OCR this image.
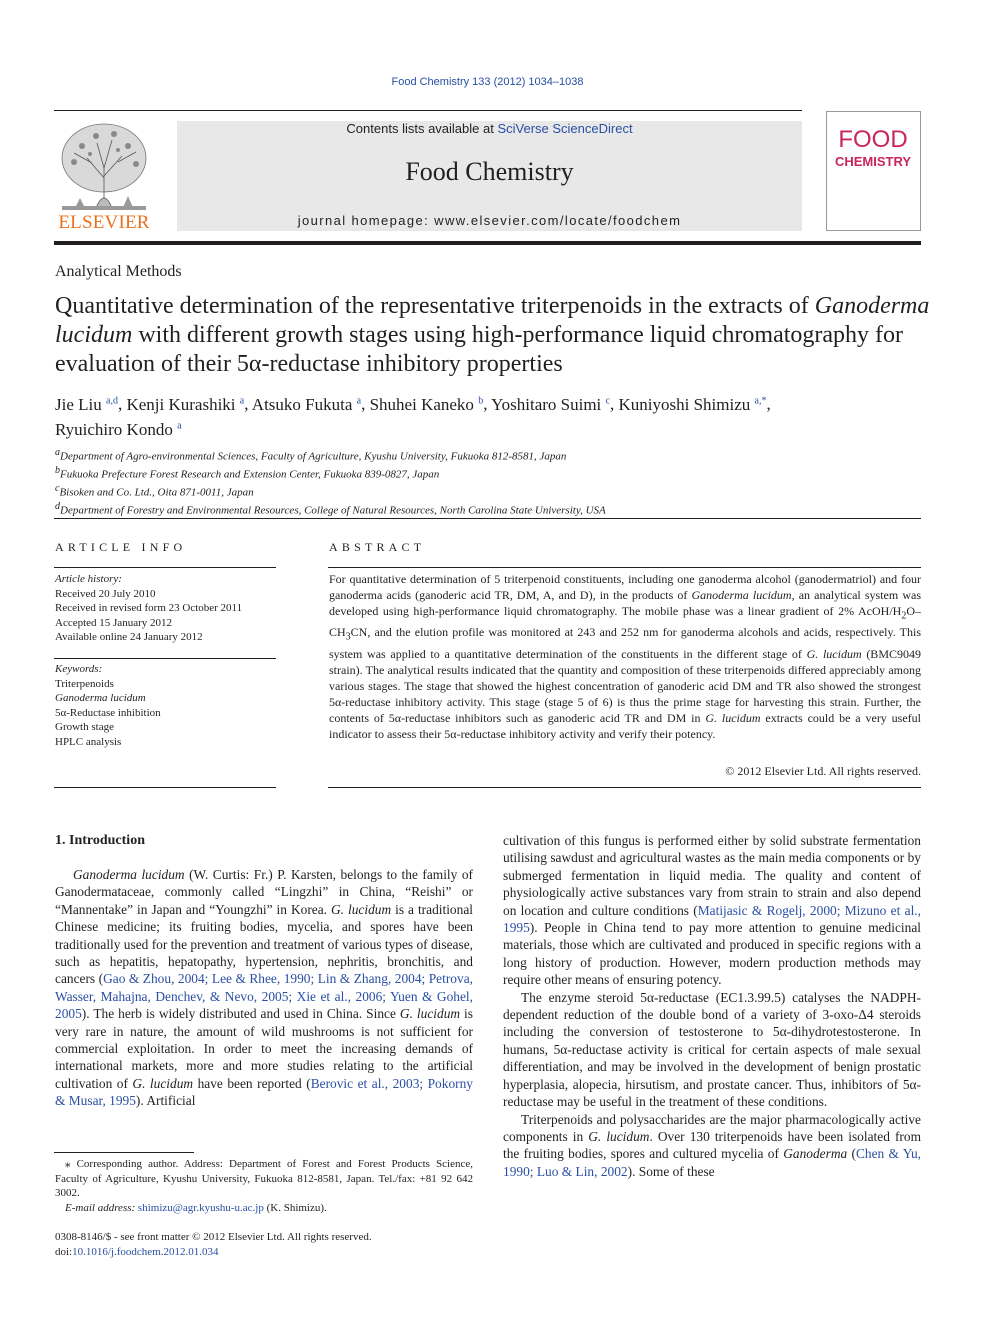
Food Chemistry 133 (2012) 1034–1038
ELSEVIER
Contents lists available at SciVerse ScienceDirect
Food Chemistry
journal homepage: www.elsevier.com/locate/foodchem
FOOD
CHEMISTRY
Analytical Methods
Quantitative determination of the representative triterpenoids in the extracts of Ganoderma lucidum with different growth stages using high-performance liquid chromatography for evaluation of their 5α-reductase inhibitory properties
Jie Liu $^{a,d}$, Kenji Kurashiki $^a$, Atsuko Fukuta $^a$, Shuhei Kaneko $^b$, Yoshitaro Suimi $^c$, Kuniyoshi Shimizu $^{a,*}$,
Ryuichiro Kondo $^a$
$^a$Department of Agro-environmental Sciences, Faculty of Agriculture, Kyushu University, Fukuoka 812-8581, Japan
$^b$Fukuoka Prefecture Forest Research and Extension Center, Fukuoka 839-0827, Japan
$^c$Bisoken and Co. Ltd., Oita 871-0011, Japan
$^d$Department of Forestry and Environmental Resources, College of Natural Resources, North Carolina State University, USA
ARTICLE INFO	ABSTRACT
Article history:
Received 20 July 2010
Received in revised form 23 October 2011
Accepted 15 January 2012
Available online 24 January 2012
Keywords:
Triterpenoids
Ganoderma lucidum
5α-Reductase inhibition
Growth stage
HPLC analysis
For quantitative determination of 5 triterpenoid constituents, including one ganoderma alcohol (ganodermatriol) and four ganoderma acids (ganoderic acid TR, DM, A, and D), in the products of Ganoderma lucidum, an analytical system was developed using high-performance liquid chromatography. The mobile phase was a linear gradient of 2% AcOH/$H_2O-CH_3CN$, and the elution profile was monitored at 243 and 252 nm for ganoderma alcohols and acids, respectively. This system was applied to a quantitative determination of the constituents in the different stage of G. lucidum (BMC9049 strain). The analytical results indicated that the quantity and composition of these triterpenoids differed appreciably among various stages. The stage that showed the highest concentration of ganoderic acid DM and TR also showed the strongest 5α-reductase inhibitory activity. This stage (stage 5 of 6) is thus the prime stage for harvesting this strain. Further, the contents of 5α-reductase inhibitors such as ganoderic acid TR and DM in G. lucidum extracts could be a very useful indicator to assess their 5α-reductase inhibitory activity and verify their potency.
© 2012 Elsevier Ltd. All rights reserved.
1. Introduction

Ganoderma lucidum (W. Curtis: Fr.) P. Karsten, belongs to the family of Ganodermataceae, commonly called “Lingzhi” in China, “Reishi” or “Mannentake” in Japan and “Youngzhi” in Korea. G. lucidum is a traditional Chinese medicine; its fruiting bodies, mycelia, and spores have been traditionally used for the prevention and treatment of various types of disease, such as hepatitis, hepatopathy, hypertension, nephritis, bronchitis, and cancers (Gao & Zhou, 2004; Lee & Rhee, 1990; Lin & Zhang, 2004; Petrova, Wasser, Mahajna, Denchev, & Nevo, 2005; Xie et al., 2006; Yuen & Gohel, 2005). The herb is widely distributed and used in China. Since G. lucidum is very rare in nature, the amount of wild mushrooms is not sufficient for commercial exploitation. In order to meet the increasing demands of international markets, more and more studies relating to the artificial cultivation of G. lucidum have been reported (Berovic et al., 2003; Pokorny & Musar, 1995). Artificial

cultivation of this fungus is performed either by solid substrate fermentation utilising sawdust and agricultural wastes as the main media components or by submerged fermentation in liquid media. The quality and content of physiologically active substances vary from strain to strain and also depend on location and culture conditions (Matijasic & Rogelj, 2000; Mizuno et al., 1995). People in China tend to pay more attention to genuine medicinal materials, those which are cultivated and produced in specific regions with a long history of production. However, modern production methods may require other means of ensuring potency.

The enzyme steroid 5α-reductase (EC1.3.99.5) catalyses the NADPH-dependent reduction of the double bond of a variety of 3-oxo-Δ4 steroids including the conversion of testosterone to 5α-dihydrotestosterone. In humans, 5α-reductase activity is critical for certain aspects of male sexual differentiation, and may be involved in the development of benign prostatic hyperplasia, alopecia, hirsutism, and prostate cancer. Thus, inhibitors of 5α-reductase may be useful in the treatment of these conditions.

Triterpenoids and polysaccharides are the major pharmacologically active components in G. lucidum. Over 130 triterpenoids have been isolated from the fruiting bodies, spores and cultured mycelia of Ganoderma (Chen & Yu, 1990; Luo & Lin, 2002). Some of these

⁎ Corresponding author. Address: Department of Forest and Forest Products Science, Faculty of Agriculture, Kyushu University, Fukuoka 812-8581, Japan. Tel./fax: +81 92 642 3002.
E-mail address: shimizu@agr.kyushu-u.ac.jp (K. Shimizu).
0308-8146/$ - see front matter © 2012 Elsevier Ltd. All rights reserved.
doi:10.1016/j.foodchem.2012.01.034
